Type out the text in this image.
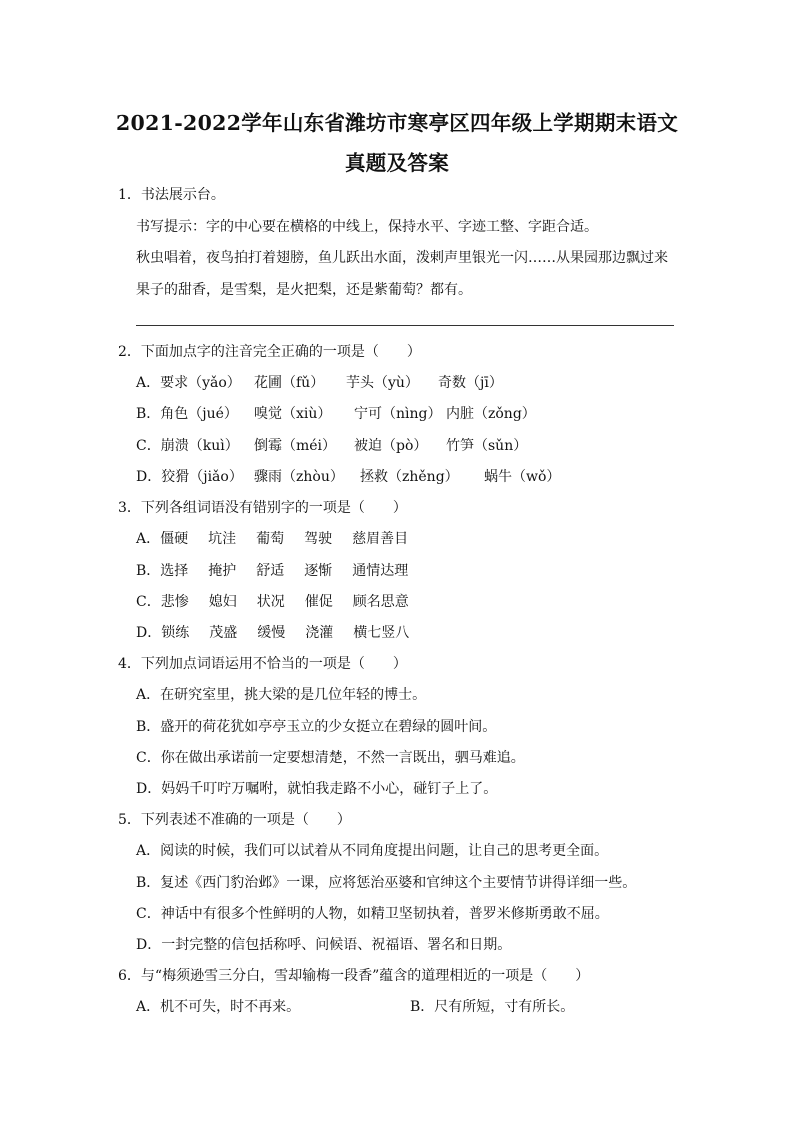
2021-2022学年山东省潍坊市寒亭区四年级上学期期末语文
真题及答案
1．书法展示台。
书写提示：字的中心要在横格的中线上，保持水平、字迹工整、字距合适。
秋虫唱着，夜鸟拍打着翅膀，鱼儿跃出水面，泼剌声里银光一闪……从果园那边飘过来
果子的甜香，是雪梨，是火把梨，还是紫葡萄？都有。
2．下面加点字的注音完全正确的一项是（　　）
A．要求（yǎo） 花圃（fǔ）	芋头（yù）	奇数（jī）
B．角色（jué）	嗅觉（xiù）	宁可（nìng） 内脏（zǒng）
C．崩溃（kuì）	倒霉（méi）	被迫（pò）	竹笋（sǔn）
D．狡猾（jiǎo） 骤雨（zhòu）	拯救（zhěng）	蜗牛（wǒ）
3．下列各组词语没有错别字的一项是（　　）
A． 僵硬	坑洼	葡萄	驾驶	慈眉善目
B． 选择	掩护	舒适	逐惭	通情达理
C． 悲惨	媳妇	状况	催促	顾名思意
D． 锁练	茂盛	缓慢	浇灌	横七竖八
4．下列加点词语运用不恰当的一项是（　　）
A．在研究室里，挑大梁的是几位年轻的博士。
B．盛开的荷花犹如亭亭玉立的少女挺立在碧绿的圆叶间。
C．你在做出承诺前一定要想清楚，不然一言既出，驷马难追。
D．妈妈千叮咛万嘱咐，就怕我走路不小心，碰钉子上了。
5．下列表述不准确的一项是（　　）
A．阅读的时候，我们可以试着从不同角度提出问题，让自己的思考更全面。
B．复述《西门豹治邺》一课，应将惩治巫婆和官绅这个主要情节讲得详细一些。
C．神话中有很多个性鲜明的人物，如精卫坚韧执着，普罗米修斯勇敢不屈。
D．一封完整的信包括称呼、问候语、祝福语、署名和日期。
6．与“梅须逊雪三分白，雪却输梅一段香”蕴含的道理相近的一项是（　　）
A．机不可失，时不再来。	B．尺有所短，寸有所长。
